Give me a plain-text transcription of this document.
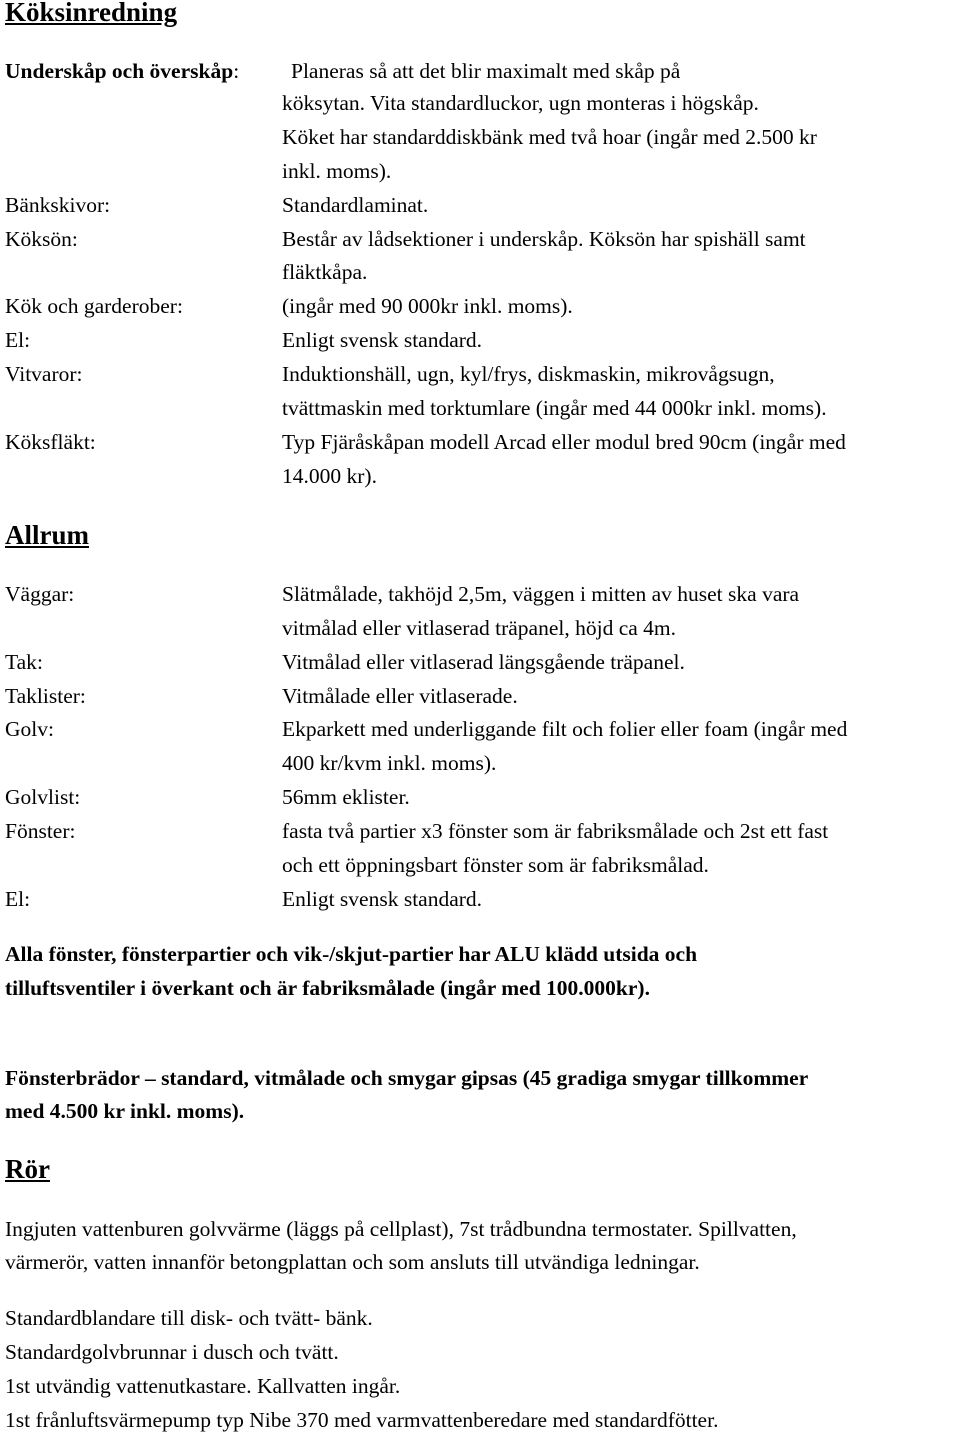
Köksinredning
Underskåp och överskåp: Planeras så att det blir maximalt med skåp på
köksytan. Vita standardluckor, ugn monteras i högskåp.
Köket har standarddiskbänk med två hoar (ingår med 2.500 kr
inkl. moms).
Bänkskivor:	Standardlaminat.
Köksön:	Består av lådsektioner i underskåp. Köksön har spishäll samt
fläktkåpa.
Kök och garderober:	(ingår med 90 000kr inkl. moms).
El:	Enligt svensk standard.
Vitvaror:	Induktionshäll, ugn, kyl/frys, diskmaskin, mikrovågsugn,
tvättmaskin med torktumlare (ingår med 44 000kr inkl. moms).
Köksfläkt:	Typ Fjäråskåpan modell Arcad eller modul bred 90cm (ingår med
14.000 kr).
Allrum
Väggar:	Slätmålade, takhöjd 2,5m, väggen i mitten av huset ska vara
vitmålad eller vitlaserad träpanel, höjd ca 4m.
Tak:	Vitmålad eller vitlaserad längsgående träpanel.
Taklister:	Vitmålade eller vitlaserade.
Golv:	Ekparkett med underliggande filt och folier eller foam (ingår med
400 kr/kvm inkl. moms).
Golvlist:	56mm eklister.
Fönster:	fasta två partier x3 fönster som är fabriksmålade och 2st ett fast
och ett öppningsbart fönster som är fabriksmålad.
El:	Enligt svensk standard.
Alla fönster, fönsterpartier och vik-/skjut-partier har ALU klädd utsida och
tilluftsventiler i överkant och är fabriksmålade (ingår med 100.000kr).
Fönsterbrädor – standard, vitmålade och smygar gipsas (45 gradiga smygar tillkommer
med 4.500 kr inkl. moms).
Rör
Ingjuten vattenburen golvvärme (läggs på cellplast), 7st trådbundna termostater. Spillvatten,
värmerör, vatten innanför betongplattan och som ansluts till utvändiga ledningar.
Standardblandare till disk- och tvätt- bänk.
Standardgolvbrunnar i dusch och tvätt.
1st utvändig vattenutkastare. Kallvatten ingår.
1st frånluftsvärmepump typ Nibe 370 med varmvattenberedare med standardfötter.
